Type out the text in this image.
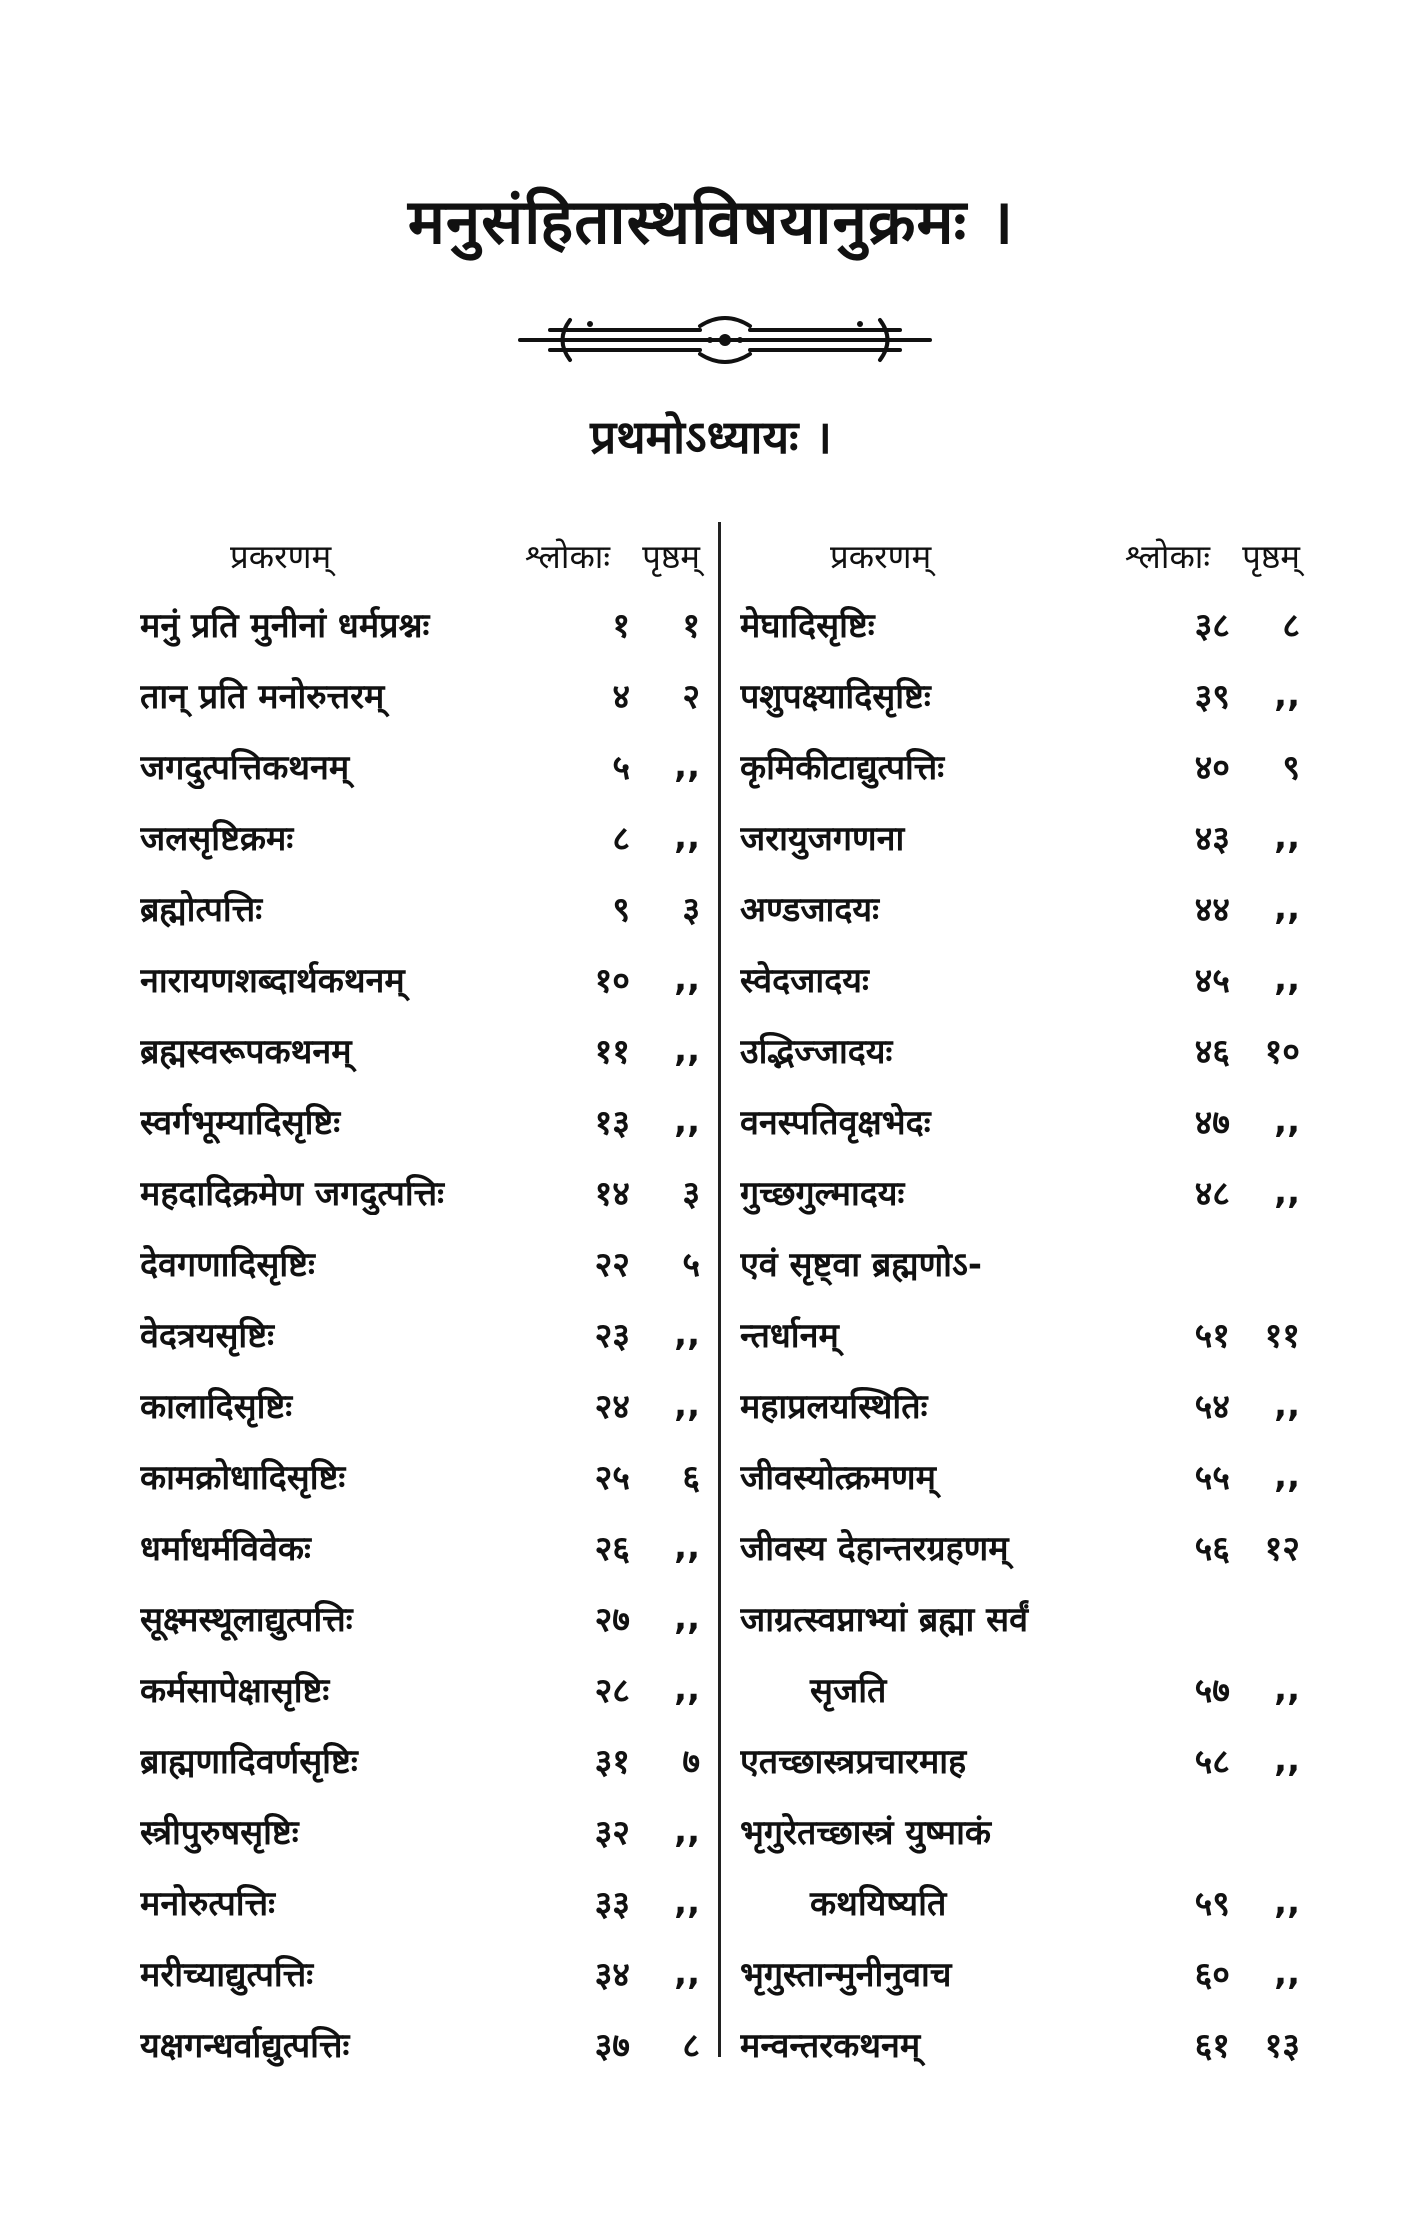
मनुसंहितास्थविषयानुक्रमः ।
प्रथमोऽध्यायः ।
प्रकरणम्	श्लोकाः पृष्ठम्
मनुं प्रति मुनीनां धर्मप्रश्नः	१	१
तान् प्रति मनोरुत्तरम्	४	२
जगदुत्पत्तिकथनम्	५	,,
जलसृष्टिक्रमः	८	,,
ब्रह्मोत्पत्तिः	९	३
नारायणशब्दार्थकथनम्	१०	,,
ब्रह्मस्वरूपकथनम्	११	,,
स्वर्गभूम्यादिसृष्टिः	१३	,,
महदादिक्रमेण जगदुत्पत्तिः	१४	३
देवगणादिसृष्टिः	२२	५
वेदत्रयसृष्टिः	२३	,,
कालादिसृष्टिः	२४	,,
कामक्रोधादिसृष्टिः	२५	६
धर्माधर्मविवेकः	२६	,,
सूक्ष्मस्थूलाद्युत्पत्तिः	२७	,,
कर्मसापेक्षासृष्टिः	२८	,,
ब्राह्मणादिवर्णसृष्टिः	३१	७
स्त्रीपुरुषसृष्टिः	३२	,,
मनोरुत्पत्तिः	३३	,,
मरीच्याद्युत्पत्तिः	३४	,,
यक्षगन्धर्वाद्युत्पत्तिः	३७	८
प्रकरणम्	श्लोकाः पृष्ठम्
मेघादिसृष्टिः	३८	८
पशुपक्ष्यादिसृष्टिः	३९	,,
कृमिकीटाद्युत्पत्तिः	४०	९
जरायुजगणना	४३	,,
अण्डजादयः	४४	,,
स्वेदजादयः	४५	,,
उद्भिज्जादयः	४६	१०
वनस्पतिवृक्षभेदः	४७	,,
गुच्छगुल्मादयः	४८	,,
एवं सृष्ट्वा ब्रह्मणोऽ-
न्तर्धानम्	५१	११
महाप्रलयस्थितिः	५४	,,
जीवस्योत्क्रमणम्	५५	,,
जीवस्य देहान्तरग्रहणम्	५६	१२
जाग्रत्स्वप्नाभ्यां ब्रह्मा सर्वं
सृजति	५७	,,
एतच्छास्त्रप्रचारमाह	५८	,,
भृगुरेतच्छास्त्रं युष्माकं
कथयिष्यति	५९	,,
भृगुस्तान्मुनीनुवाच	६०	,,
मन्वन्तरकथनम्	६१	१३
